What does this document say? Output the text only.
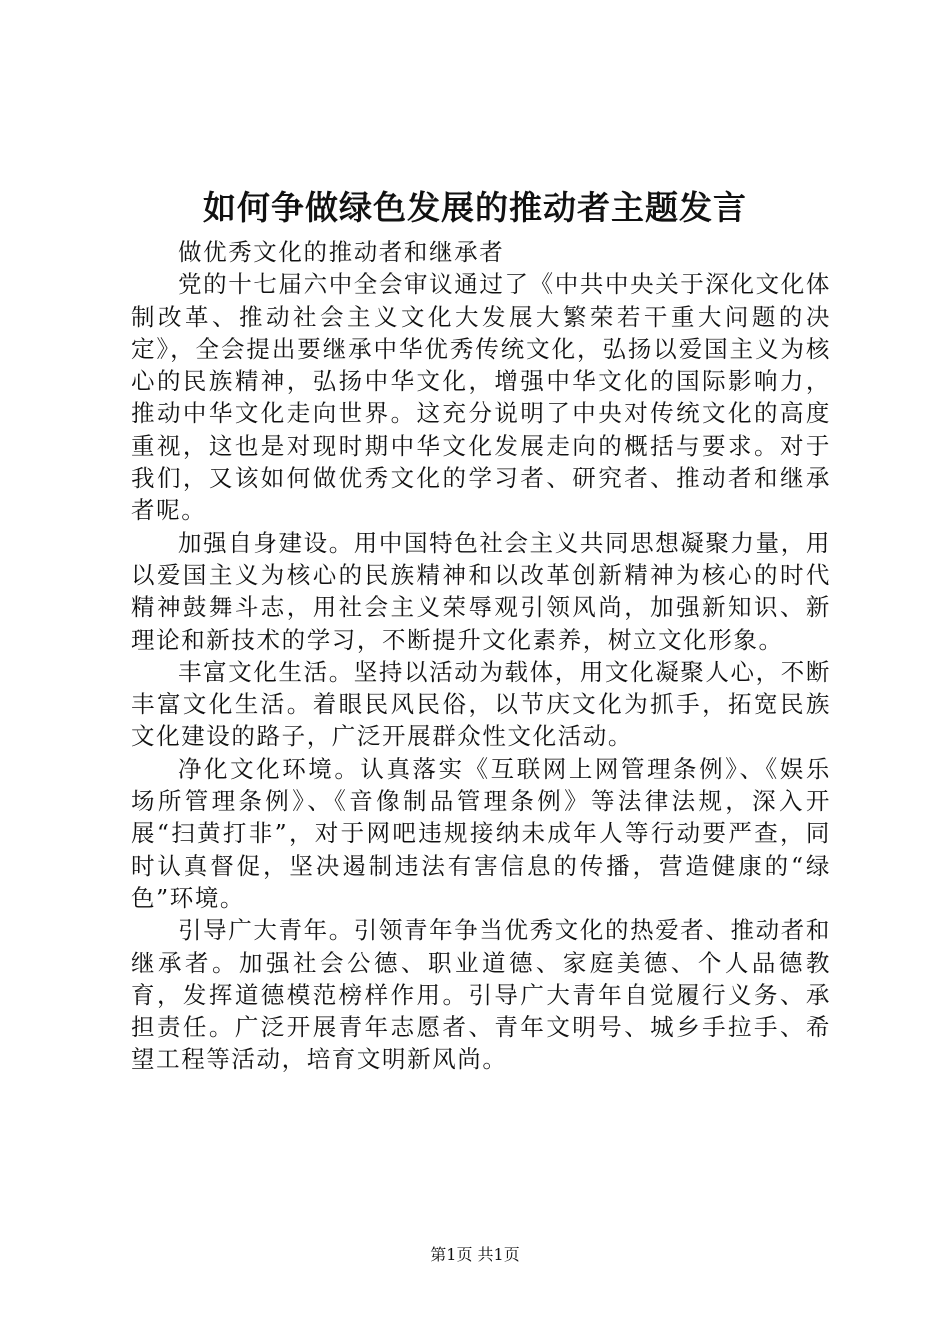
如何争做绿色发展的推动者主题发言

做优秀文化的推动者和继承者

党的十七届六中全会审议通过了《中共中央关于深化文化体制改革、推动社会主义文化大发展大繁荣若干重大问题的决定》，全会提出要继承中华优秀传统文化，弘扬以爱国主义为核心的民族精神，弘扬中华文化，增强中华文化的国际影响力，推动中华文化走向世界。这充分说明了中央对传统文化的高度重视，这也是对现时期中华文化发展走向的概括与要求。对于我们，又该如何做优秀文化的学习者、研究者、推动者和继承者呢。

加强自身建设。用中国特色社会主义共同思想凝聚力量，用以爱国主义为核心的民族精神和以改革创新精神为核心的时代精神鼓舞斗志，用社会主义荣辱观引领风尚，加强新知识、新理论和新技术的学习，不断提升文化素养，树立文化形象。

丰富文化生活。坚持以活动为载体，用文化凝聚人心，不断丰富文化生活。着眼民风民俗，以节庆文化为抓手，拓宽民族文化建设的路子，广泛开展群众性文化活动。

净化文化环境。认真落实《互联网上网管理条例》、《娱乐场所管理条例》、《音像制品管理条例》等法律法规，深入开展“扫黄打非”，对于网吧违规接纳未成年人等行动要严查，同时认真督促，坚决遏制违法有害信息的传播，营造健康的“绿色”环境。

引导广大青年。引领青年争当优秀文化的热爱者、推动者和继承者。加强社会公德、职业道德、家庭美德、个人品德教育，发挥道德模范榜样作用。引导广大青年自觉履行义务、承担责任。广泛开展青年志愿者、青年文明号、城乡手拉手、希望工程等活动，培育文明新风尚。

第1页 共1页
